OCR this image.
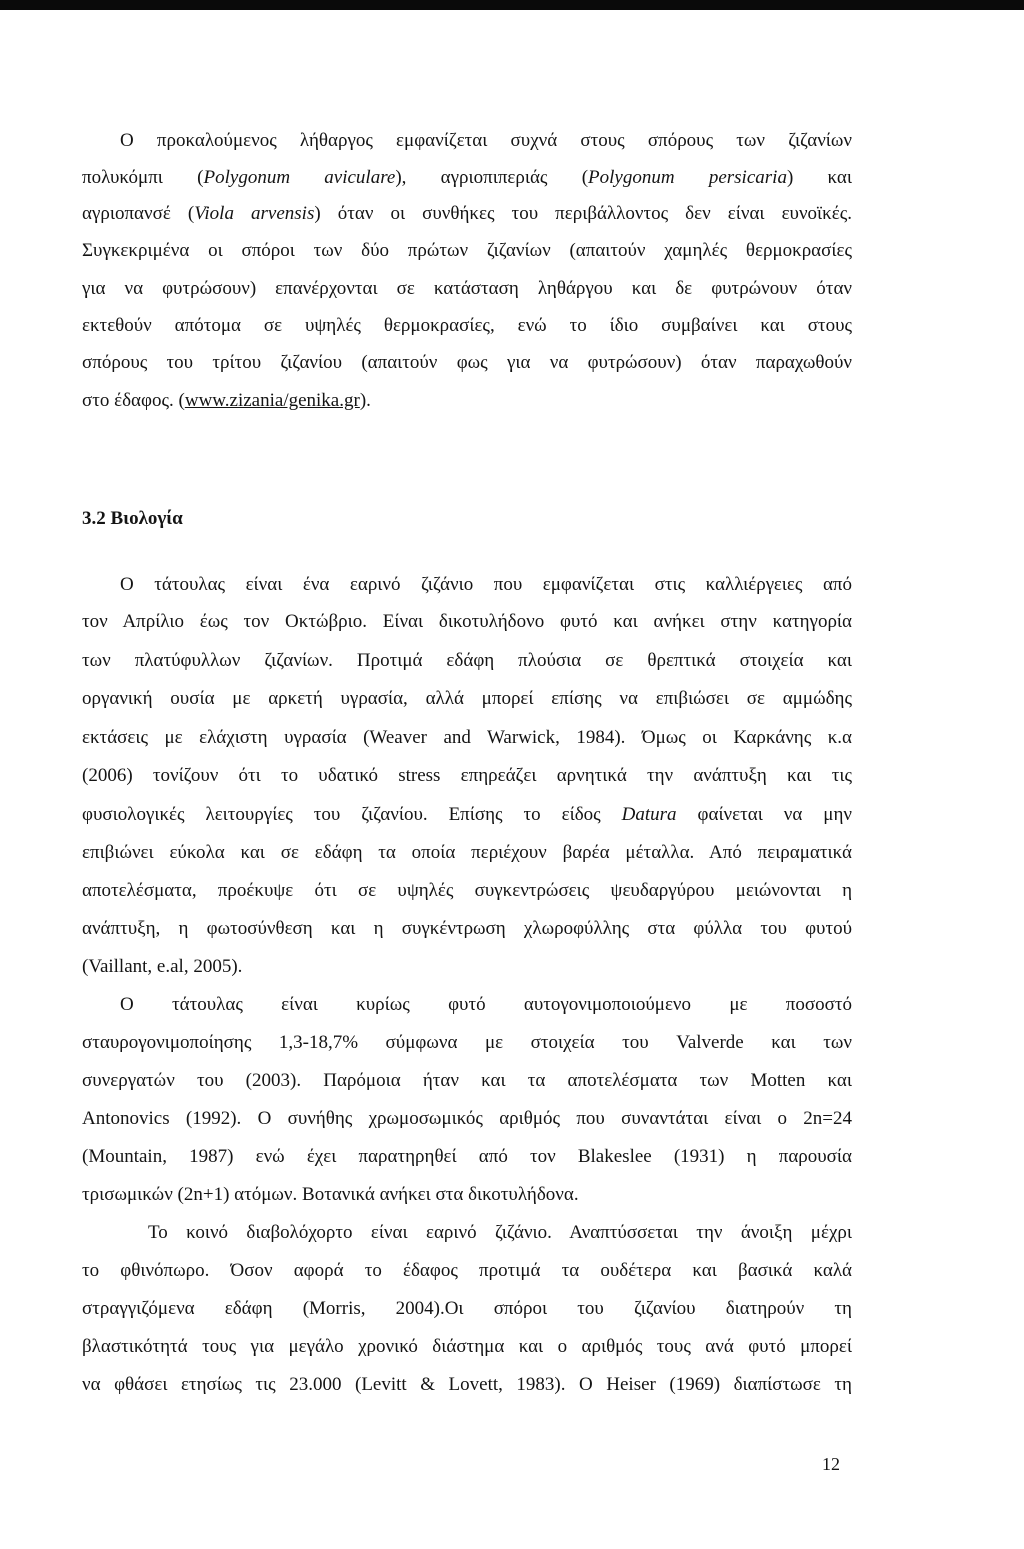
3.2 Βιολογία
12
Ο προκαλούμενος λήθαργος εμφανίζεται συχνά στους σπόρους των ζιζανίων
πολυκόμπι (Polygonum aviculare), αγριοπιπεριάς (Polygonum persicaria) και
αγριοπανσέ (Viola arvensis) όταν οι συνθήκες του περιβάλλοντος δεν είναι ευνοϊκές.
Συγκεκριμένα οι σπόροι των δύο πρώτων ζιζανίων (απαιτούν χαμηλές θερμοκρασίες
για να φυτρώσουν) επανέρχονται σε κατάσταση ληθάργου και δε φυτρώνουν όταν
εκτεθούν απότομα σε υψηλές θερμοκρασίες, ενώ το ίδιο συμβαίνει και στους
σπόρους του τρίτου ζιζανίου (απαιτούν φως για να φυτρώσουν) όταν παραχωθούν
στο έδαφος. (www.zizania/genika.gr).
Ο τάτουλας είναι ένα εαρινό ζιζάνιο που εμφανίζεται στις καλλιέργειες από
τον Απρίλιο έως τον Οκτώβριο. Είναι δικοτυλήδονο φυτό και ανήκει στην κατηγορία
των πλατύφυλλων ζιζανίων. Προτιμά εδάφη πλούσια σε θρεπτικά στοιχεία και
οργανική ουσία με αρκετή υγρασία, αλλά μπορεί επίσης να επιβιώσει σε αμμώδης
εκτάσεις με ελάχιστη υγρασία (Weaver and Warwick, 1984). Όμως οι Καρκάνης κ.α
(2006) τονίζουν ότι το υδατικό stress επηρεάζει αρνητικά την ανάπτυξη και τις
φυσιολογικές λειτουργίες του ζιζανίου. Επίσης το είδος Datura φαίνεται να μην
επιβιώνει εύκολα και σε εδάφη τα οποία περιέχουν βαρέα μέταλλα. Από πειραματικά
αποτελέσματα, προέκυψε ότι σε υψηλές συγκεντρώσεις ψευδαργύρου μειώνονται η
ανάπτυξη, η φωτοσύνθεση και η συγκέντρωση χλωροφύλλης στα φύλλα του φυτού
(Vaillant, e.al, 2005).
Ο τάτουλας είναι κυρίως φυτό αυτογονιμοποιούμενο με ποσοστό
σταυρογονιμοποίησης 1,3-18,7% σύμφωνα με στοιχεία του Valverde και των
συνεργατών του (2003). Παρόμοια ήταν και τα αποτελέσματα των Motten και
Antonovics (1992). Ο συνήθης χρωμοσωμικός αριθμός που συναντάται είναι ο 2n=24
(Mountain, 1987) ενώ έχει παρατηρηθεί από τον Blakeslee (1931) η παρουσία
τρισωμικών (2n+1) ατόμων. Βοτανικά ανήκει στα δικοτυλήδονα.
Το κοινό διαβολόχορτο είναι εαρινό ζιζάνιο. Αναπτύσσεται την άνοιξη μέχρι
το φθινόπωρο. Όσον αφορά το έδαφος προτιμά τα ουδέτερα και βασικά καλά
στραγγιζόμενα εδάφη (Morris, 2004).Οι σπόροι του ζιζανίου διατηρούν τη
βλαστικότητά τους για μεγάλο χρονικό διάστημα και ο αριθμός τους ανά φυτό μπορεί
να φθάσει ετησίως τις 23.000 (Levitt & Lovett, 1983). O Heiser (1969) διαπίστωσε τη
